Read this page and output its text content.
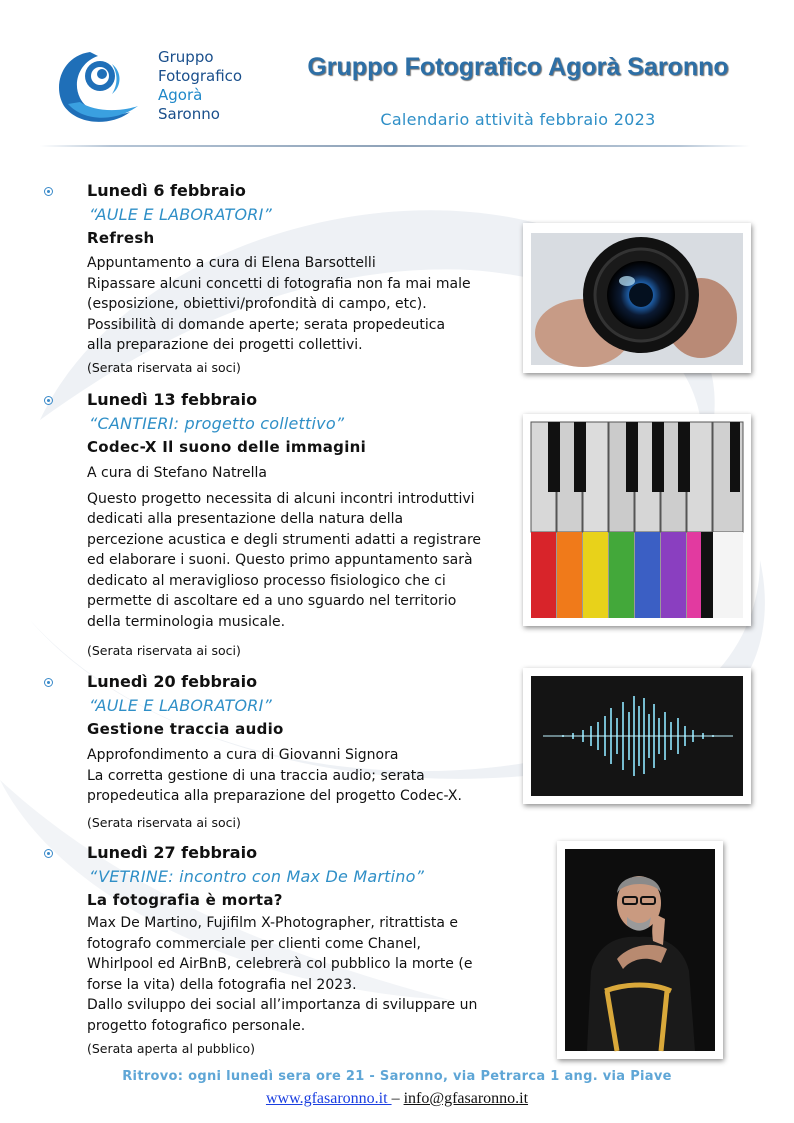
Gruppo
Fotografico
Agorà
Saronno
Gruppo Fotografico Agorà Saronno
Calendario attività febbraio 2023
Lunedì 6 febbraio
“AULE E LABORATORI”
Refresh

Appuntamento a cura di Elena Barsottelli

Ripassare alcuni concetti di fotografia non fa mai male

(esposizione, obiettivi/profondità di campo, etc).

Possibilità di domande aperte; serata propedeutica

alla preparazione dei progetti collettivi.

(Serata riservata ai soci)
Lunedì 13 febbraio
“CANTIERI: progetto collettivo”
Codec-X Il suono delle immagini

A cura di Stefano Natrella

Questo progetto necessita di alcuni incontri introduttivi

dedicati alla presentazione della natura della

percezione acustica e degli strumenti adatti a registrare

ed elaborare i suoni. Questo primo appuntamento sarà

dedicato al meraviglioso processo fisiologico che ci

permette di ascoltare ed a uno sguardo nel territorio

della terminologia musicale.

(Serata riservata ai soci)
Lunedì 20 febbraio
“AULE E LABORATORI”
Gestione traccia audio

Approfondimento a cura di Giovanni Signora

La corretta gestione di una traccia audio; serata

propedeutica alla preparazione del progetto Codec-X.

(Serata riservata ai soci)
Lunedì 27 febbraio
“VETRINE: incontro con Max De Martino”
La fotografia è morta?

Max De Martino, Fujifilm X-Photographer, ritrattista e

fotografo commerciale per clienti come Chanel,

Whirlpool ed AirBnB, celebrerà col pubblico la morte (e

forse la vita) della fotografia nel 2023.

Dallo sviluppo dei social all’importanza di sviluppare un

progetto fotografico personale.

(Serata aperta al pubblico)
Ritrovo: ogni lunedì sera ore 21 - Saronno, via Petrarca 1 ang. via Piave
www.gfasaronno.it – info@gfasaronno.it
